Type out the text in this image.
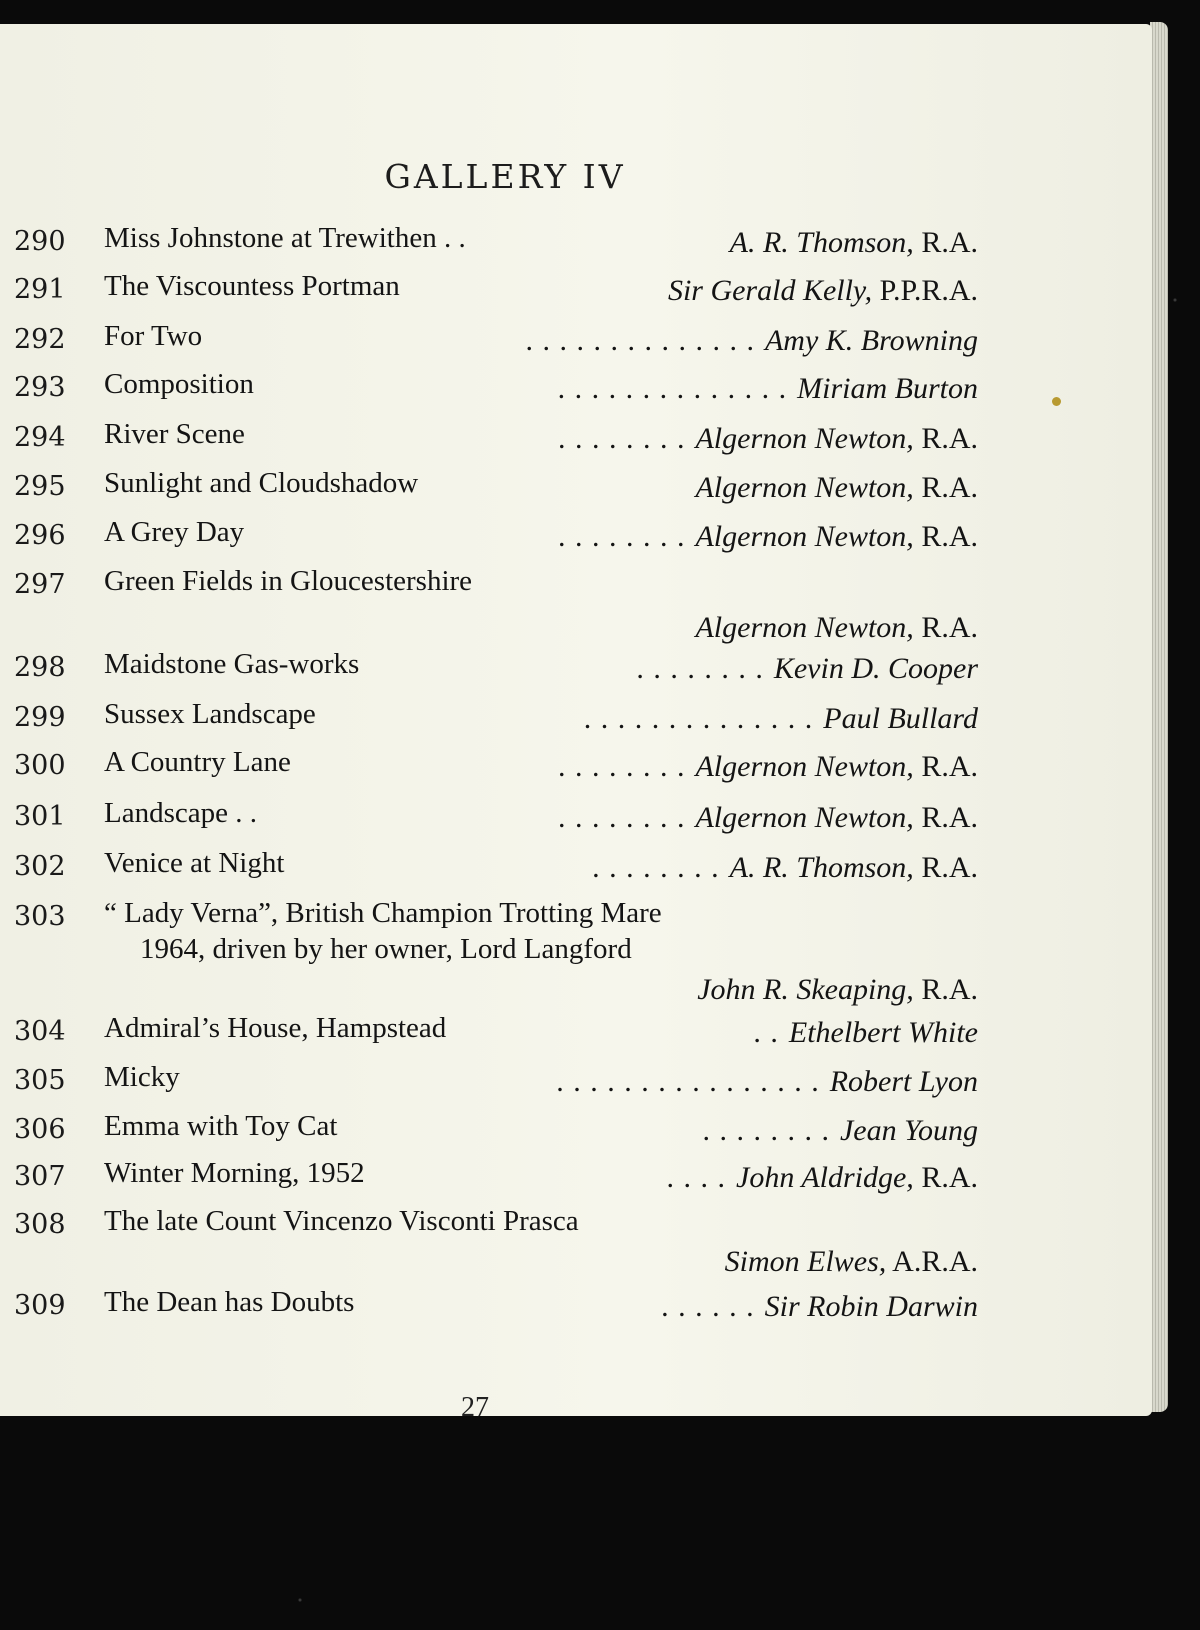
GALLERY IV
290 Miss Johnstone at Trewithen . .	A. R. Thomson, R.A.
291 The Viscountess Portman	Sir Gerald Kelly, P.P.R.A.
292 For Two	. . . . . . . . . . . . . . Amy K. Browning
293 Composition	. . . . . . . . . . . . . . Miriam Burton
294 River Scene	. . . . . . . . Algernon Newton, R.A.
295 Sunlight and Cloudshadow	Algernon Newton, R.A.
296 A Grey Day	. . . . . . . . Algernon Newton, R.A.
297 Green Fields in Gloucestershire
Algernon Newton, R.A.
298 Maidstone Gas-works	. . . . . . . . Kevin D. Cooper
299 Sussex Landscape	. . . . . . . . . . . . . . Paul Bullard
300 A Country Lane	. . . . . . . . Algernon Newton, R.A.
301 Landscape . .	. . . . . . . . Algernon Newton, R.A.
302 Venice at Night	. . . . . . . . A. R. Thomson, R.A.
303 “ Lady Verna”, British Champion Trotting Mare
1964, driven by her owner, Lord Langford
John R. Skeaping, R.A.
304 Admiral’s House, Hampstead	. . Ethelbert White
305 Micky	. . . . . . . . . . . . . . . . Robert Lyon
306 Emma with Toy Cat	. . . . . . . . Jean Young
307 Winter Morning, 1952	. . . . John Aldridge, R.A.
308 The late Count Vincenzo Visconti Prasca
Simon Elwes, A.R.A.
309 The Dean has Doubts	. . . . . . Sir Robin Darwin
27
